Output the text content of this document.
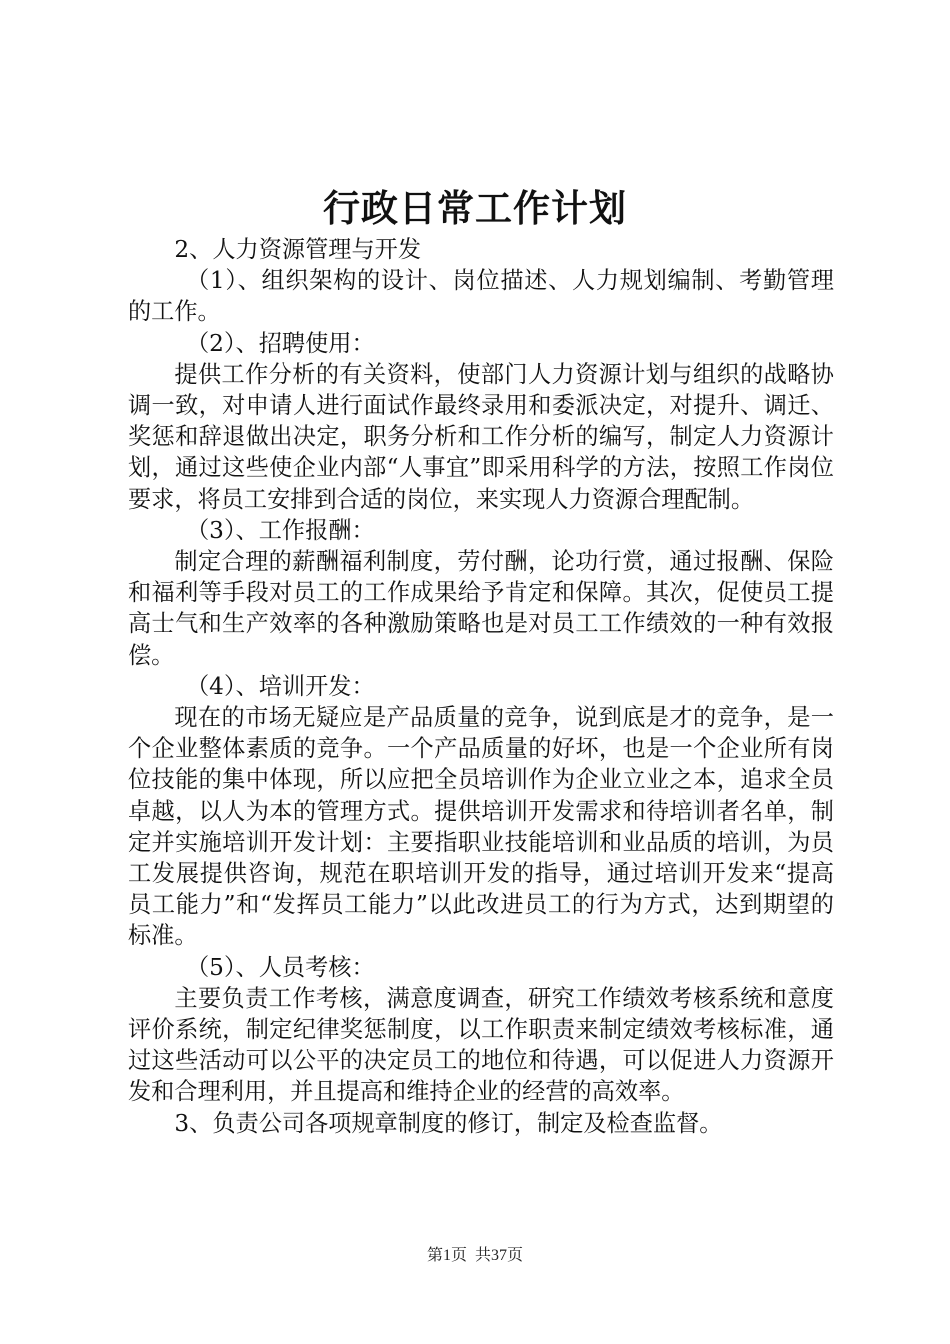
行政日常工作计划

2、人力资源管理与开发

（1）、组织架构的设计、岗位描述、人力规划编制、考勤管理的工作。

（2）、招聘使用：

提供工作分析的有关资料，使部门人力资源计划与组织的战略协调一致，对申请人进行面试作最终录用和委派决定，对提升、调迁、奖惩和辞退做出决定，职务分析和工作分析的编写，制定人力资源计划，通过这些使企业内部“人事宜”即采用科学的方法，按照工作岗位要求，将员工安排到合适的岗位，来实现人力资源合理配制。

（3）、工作报酬：

制定合理的薪酬福利制度，劳付酬，论功行赏，通过报酬、保险和福利等手段对员工的工作成果给予肯定和保障。其次，促使员工提高士气和生产效率的各种激励策略也是对员工工作绩效的一种有效报偿。

（4）、培训开发：

现在的市场无疑应是产品质量的竞争，说到底是才的竞争，是一个企业整体素质的竞争。一个产品质量的好坏，也是一个企业所有岗位技能的集中体现，所以应把全员培训作为企业立业之本，追求全员卓越，以人为本的管理方式。提供培训开发需求和待培训者名单，制定并实施培训开发计划：主要指职业技能培训和业品质的培训，为员工发展提供咨询，规范在职培训开发的指导，通过培训开发来“提高员工能力”和“发挥员工能力”以此改进员工的行为方式，达到期望的标准。

（5）、人员考核：

主要负责工作考核，满意度调查，研究工作绩效考核系统和意度评价系统，制定纪律奖惩制度，以工作职责来制定绩效考核标准，通过这些活动可以公平的决定员工的地位和待遇，可以促进人力资源开发和合理利用，并且提高和维持企业的经营的高效率。

3、负责公司各项规章制度的修订，制定及检查监督。

第1页 共37页
